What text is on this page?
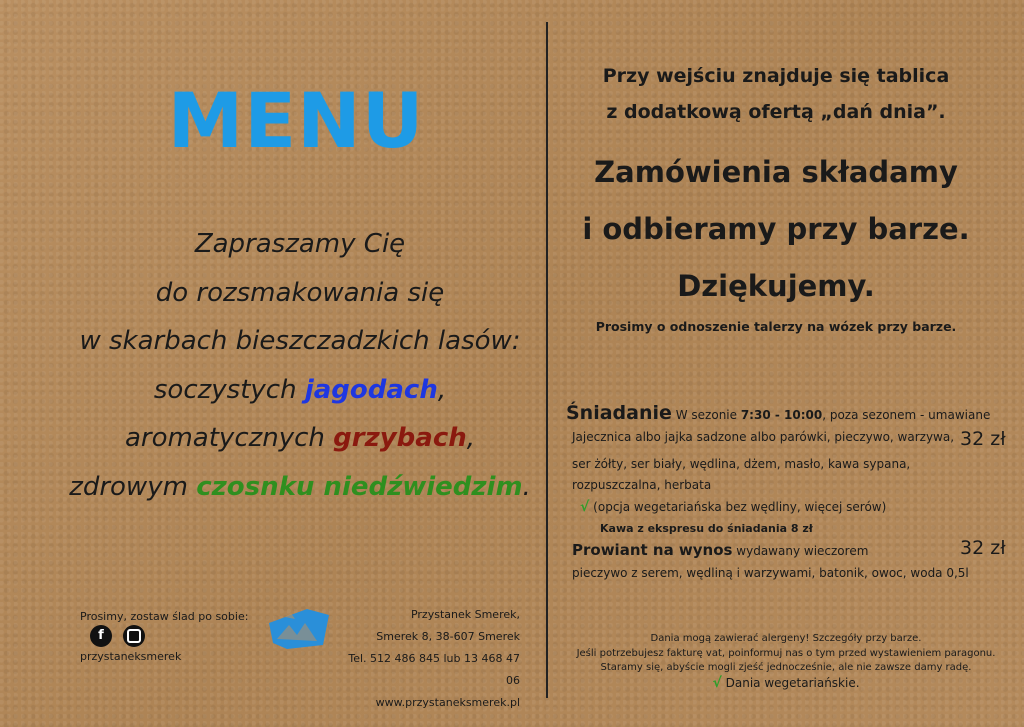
MENU
Zapraszamy Cię
do rozsmakowania się
w skarbach bieszczadzkich lasów:
soczystych jagodach,
aromatycznych grzybach,
zdrowym czosnku niedźwiedzim.
Prosimy, zostaw ślad po sobie:
f
przystaneksmerek
Przystanek Smerek,
Smerek 8, 38-607 Smerek
Tel. 512 486 845 lub 13 468 47 06
www.przystaneksmerek.pl
Przy wejściu znajduje się tablica
z dodatkową ofertą „dań dnia”.
Zamówienia składamy
i odbieramy przy barze.
Dziękujemy.
Prosimy o odnoszenie talerzy na wózek przy barze.
Śniadanie W sezonie 7:30 - 10:00, poza sezonem - umawiane
Jajecznica albo jajka sadzone albo parówki, pieczywo, warzywa, 32 zł
ser żółty, ser biały, wędlina, dżem, masło, kawa sypana,
rozpuszczalna, herbata
√ (opcja wegetariańska bez wędliny, więcej serów)
Kawa z ekspresu do śniadania 8 zł
Prowiant na wynos wydawany wieczorem	32 zł
pieczywo z serem, wędliną i warzywami, batonik, owoc, woda 0,5l
Dania mogą zawierać alergeny! Szczegóły przy barze.
Jeśli potrzebujesz fakturę vat, poinformuj nas o tym przed wystawieniem paragonu.
Staramy się, abyście mogli zjeść jednocześnie, ale nie zawsze damy radę.
√ Dania wegetariańskie.
